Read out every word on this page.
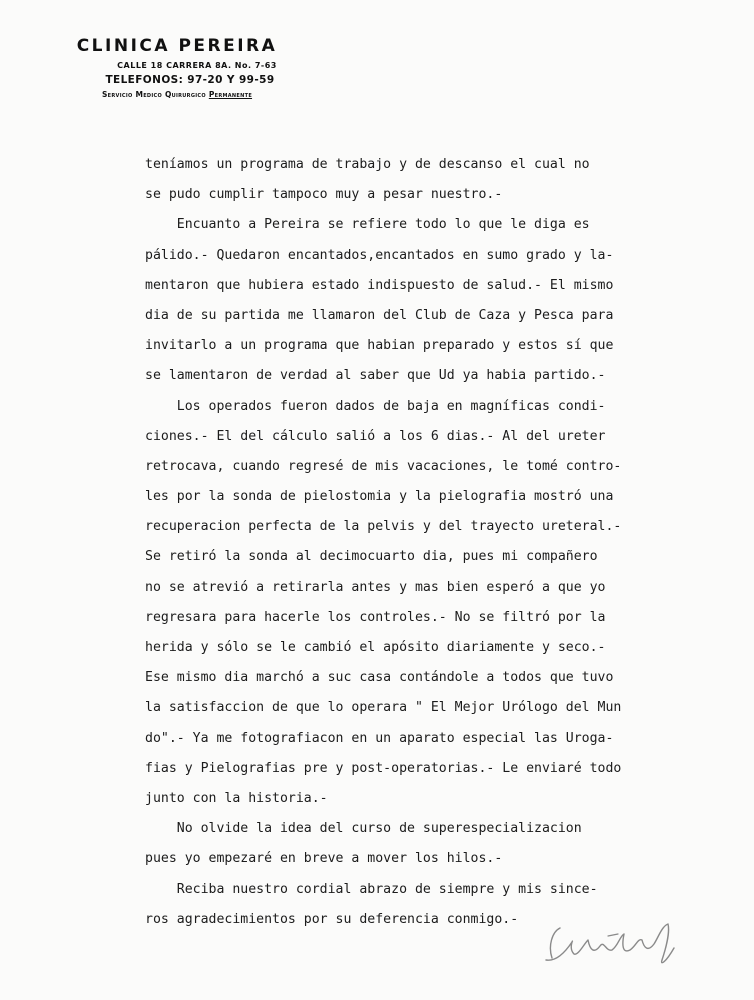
CLINICA PEREIRA
CALLE 18 CARRERA 8A. No. 7-63
TELEFONOS: 97-20 Y 99-59
Servicio Medico Quirurgico Permanente
teníamos un programa de trabajo y de descanso el cual no
se pudo cumplir tampoco muy a pesar nuestro.-
Encuanto a Pereira se refiere todo lo que le diga es
pálido.- Quedaron encantados,encantados en sumo grado y la-
mentaron que hubiera estado indispuesto de salud.- El mismo
dia de su partida me llamaron del Club de Caza y Pesca para
invitarlo a un programa que habian preparado y estos sí que
se lamentaron de verdad al saber que Ud ya habia partido.-
Los operados fueron dados de baja en magníficas condi-
ciones.- El del cálculo salió a los 6 dias.- Al del ureter
retrocava, cuando regresé de mis vacaciones, le tomé contro-
les por la sonda de pielostomia y la pielografia mostró una
recuperacion perfecta de la pelvis y del trayecto ureteral.-
Se retiró la sonda al decimocuarto dia, pues mi compañero
no se atrevió a retirarla antes y mas bien esperó a que yo
regresara para hacerle los controles.- No se filtró por la
herida y sólo se le cambió el apósito diariamente y seco.-
Ese mismo dia marchó a suc casa contándole a todos que tuvo
la satisfaccion de que lo operara " El Mejor Urólogo del Mun
do".- Ya me fotografiacon en un aparato especial las Uroga-
fias y Pielografias pre y post-operatorias.- Le enviaré todo
junto con la historia.-
No olvide la idea del curso de superespecializacion
pues yo empezaré en breve a mover los hilos.-
Reciba nuestro cordial abrazo de siempre y mis since-
ros agradecimientos por su deferencia conmigo.-
